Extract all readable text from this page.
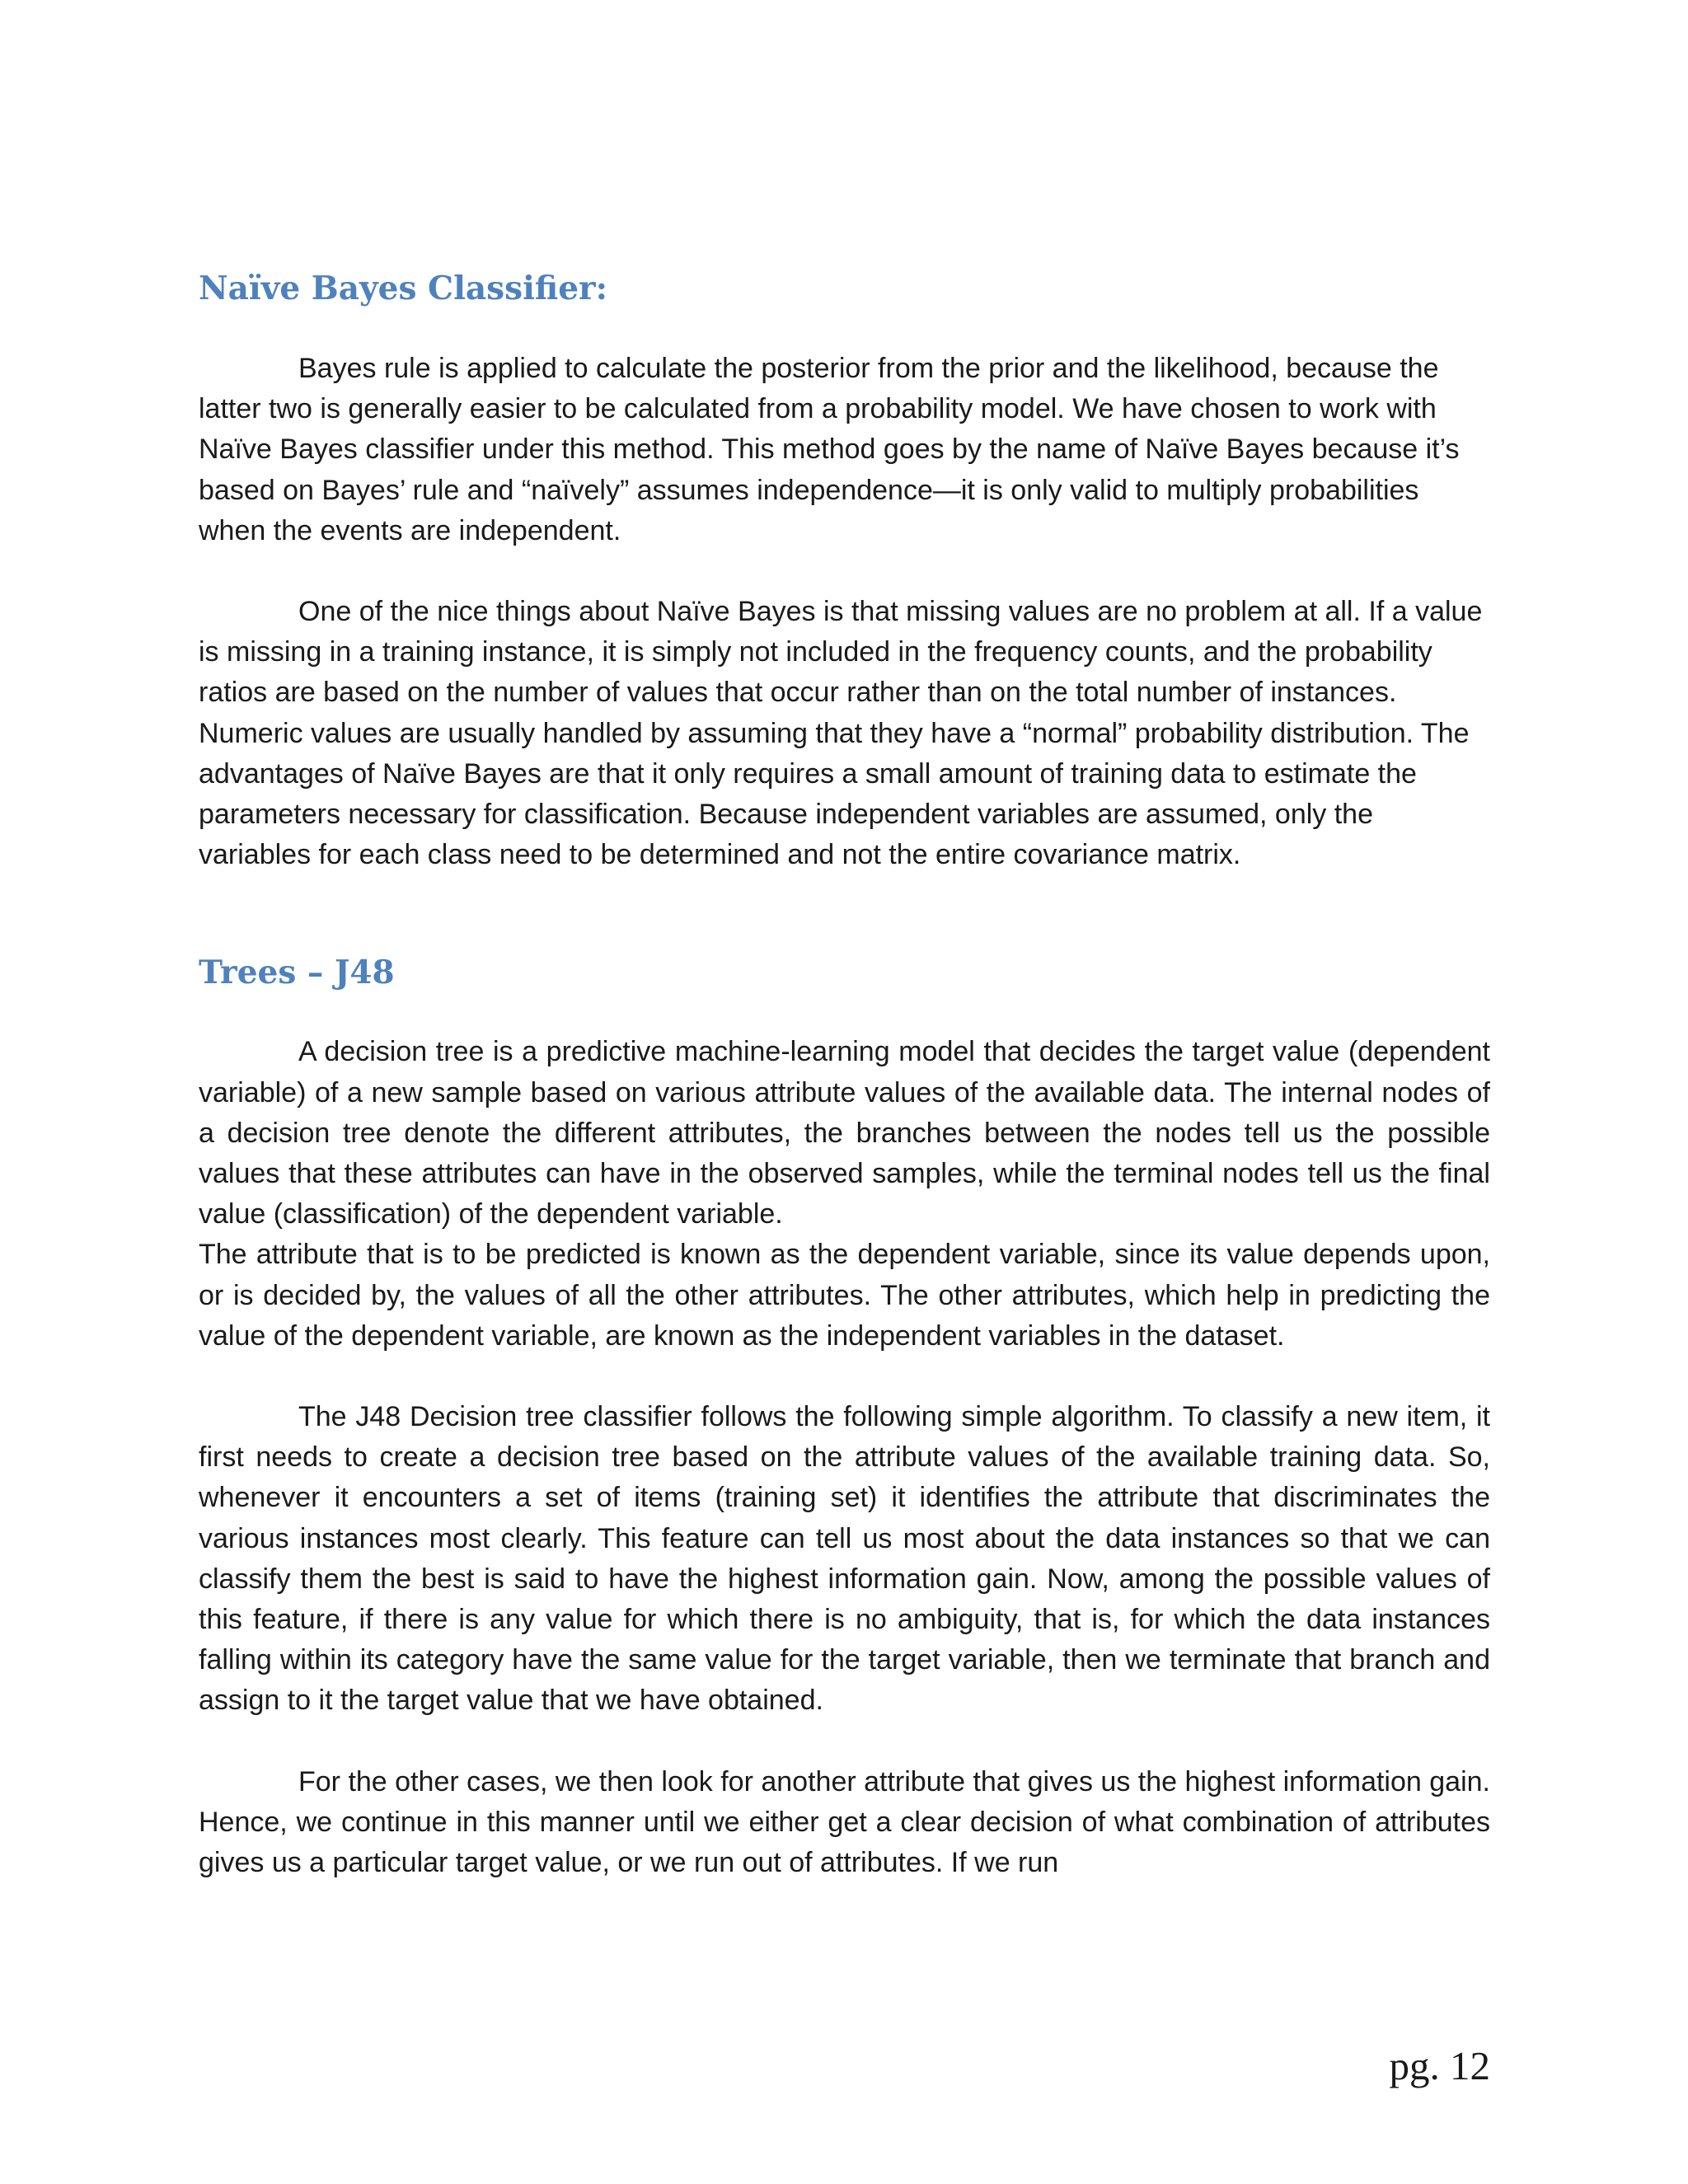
Naïve Bayes Classifier:

Bayes rule is applied to calculate the posterior from the prior and the likelihood, because the latter two is generally easier to be calculated from a probability model. We have chosen to work with Naïve Bayes classifier under this method. This method goes by the name of Naïve Bayes because it’s based on Bayes’ rule and “naïvely” assumes independence—it is only valid to multiply probabilities when the events are independent.

One of the nice things about Naïve Bayes is that missing values are no problem at all. If a value is missing in a training instance, it is simply not included in the frequency counts, and the probability ratios are based on the number of values that occur rather than on the total number of instances. Numeric values are usually handled by assuming that they have a “normal” probability distribution. The advantages of Naïve Bayes are that it only requires a small amount of training data to estimate the parameters necessary for classification. Because independent variables are assumed, only the variables for each class need to be determined and not the entire covariance matrix.

Trees – J48

A decision tree is a predictive machine-learning model that decides the target value (dependent variable) of a new sample based on various attribute values of the available data. The internal nodes of a decision tree denote the different attributes, the branches between the nodes tell us the possible values that these attributes can have in the observed samples, while the terminal nodes tell us the final value (classification) of the dependent variable.

The attribute that is to be predicted is known as the dependent variable, since its value depends upon, or is decided by, the values of all the other attributes. The other attributes, which help in predicting the value of the dependent variable, are known as the independent variables in the dataset.

The J48 Decision tree classifier follows the following simple algorithm. To classify a new item, it first needs to create a decision tree based on the attribute values of the available training data. So, whenever it encounters a set of items (training set) it identifies the attribute that discriminates the various instances most clearly. This feature can tell us most about the data instances so that we can classify them the best is said to have the highest information gain. Now, among the possible values of this feature, if there is any value for which there is no ambiguity, that is, for which the data instances falling within its category have the same value for the target variable, then we terminate that branch and assign to it the target value that we have obtained.

For the other cases, we then look for another attribute that gives us the highest information gain. Hence, we continue in this manner until we either get a clear decision of what combination of attributes gives us a particular target value, or we run out of attributes. If we run

pg. 12
